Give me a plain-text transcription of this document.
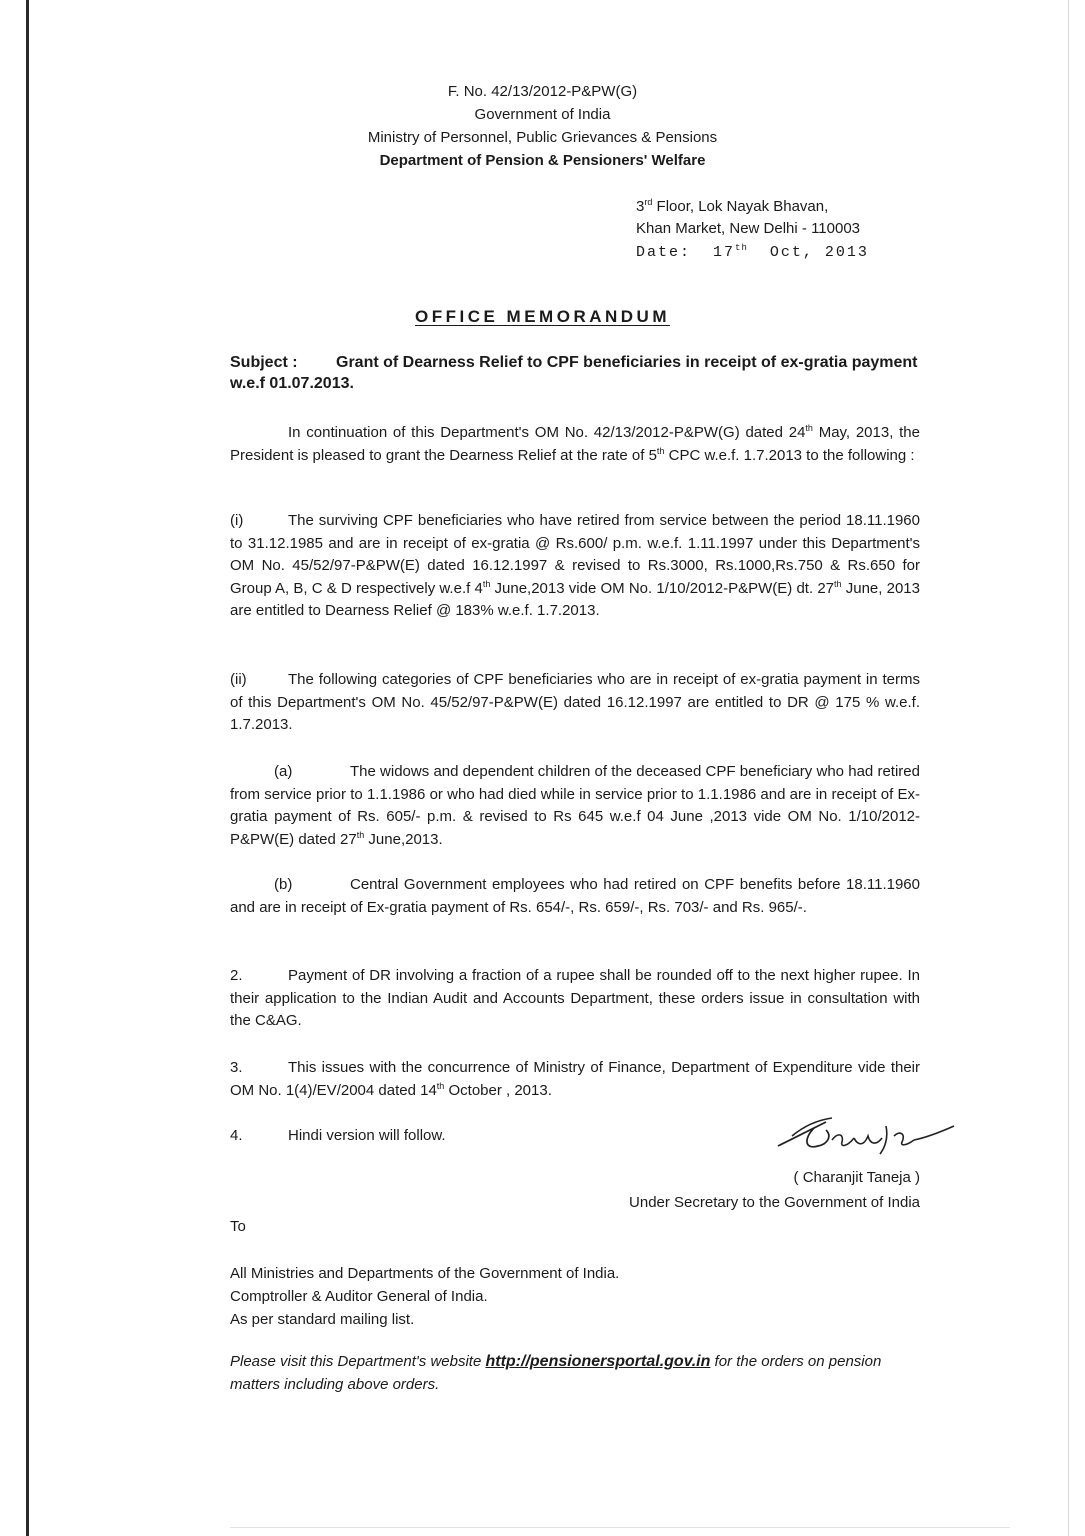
F. No. 42/13/2012-P&PW(G)
Government of India
Ministry of Personnel, Public Grievances & Pensions
Department of Pension & Pensioners' Welfare
3rd Floor, Lok Nayak Bhavan,
Khan Market, New Delhi - 110003
Date: 17th Oct, 2013
OFFICE MEMORANDUM
Subject : Grant of Dearness Relief to CPF beneficiaries in receipt of ex-gratia payment w.e.f 01.07.2013.

In continuation of this Department's OM No. 42/13/2012-P&PW(G) dated 24th May, 2013, the President is pleased to grant the Dearness Relief at the rate of 5th CPC w.e.f. 1.7.2013 to the following :

(i)	The surviving CPF beneficiaries who have retired from service between the period 18.11.1960 to 31.12.1985 and are in receipt of ex-gratia @ Rs.600/ p.m. w.e.f. 1.11.1997 under this Department's OM No. 45/52/97-P&PW(E) dated 16.12.1997 & revised to Rs.3000, Rs.1000,Rs.750 & Rs.650 for Group A, B, C & D respectively w.e.f 4th June,2013 vide OM No. 1/10/2012-P&PW(E) dt. 27th June, 2013 are entitled to Dearness Relief @ 183% w.e.f. 1.7.2013.

(ii)	The following categories of CPF beneficiaries who are in receipt of ex-gratia payment in terms of this Department's OM No. 45/52/97-P&PW(E) dated 16.12.1997 are entitled to DR @ 175 % w.e.f. 1.7.2013.

(a)	The widows and dependent children of the deceased CPF beneficiary who had retired from service prior to 1.1.1986 or who had died while in service prior to 1.1.1986 and are in receipt of Ex-gratia payment of Rs. 605/- p.m. & revised to Rs 645 w.e.f 04 June ,2013 vide OM No. 1/10/2012-P&PW(E) dated 27th June,2013.

(b)	Central Government employees who had retired on CPF benefits before 18.11.1960 and are in receipt of Ex-gratia payment of Rs. 654/-, Rs. 659/-, Rs. 703/- and Rs. 965/-.

2.	Payment of DR involving a fraction of a rupee shall be rounded off to the next higher rupee. In their application to the Indian Audit and Accounts Department, these orders issue in consultation with the C&AG.

3.	This issues with the concurrence of Ministry of Finance, Department of Expenditure vide their OM No. 1(4)/EV/2004 dated 14th October , 2013.

4.	Hindi version will follow.
( Charanjit Taneja )
Under Secretary to the Government of India
To
All Ministries and Departments of the Government of India.
Comptroller & Auditor General of India.
As per standard mailing list.
Please visit this Department's website http://pensionersportal.gov.in for the orders on pension matters including above orders.
